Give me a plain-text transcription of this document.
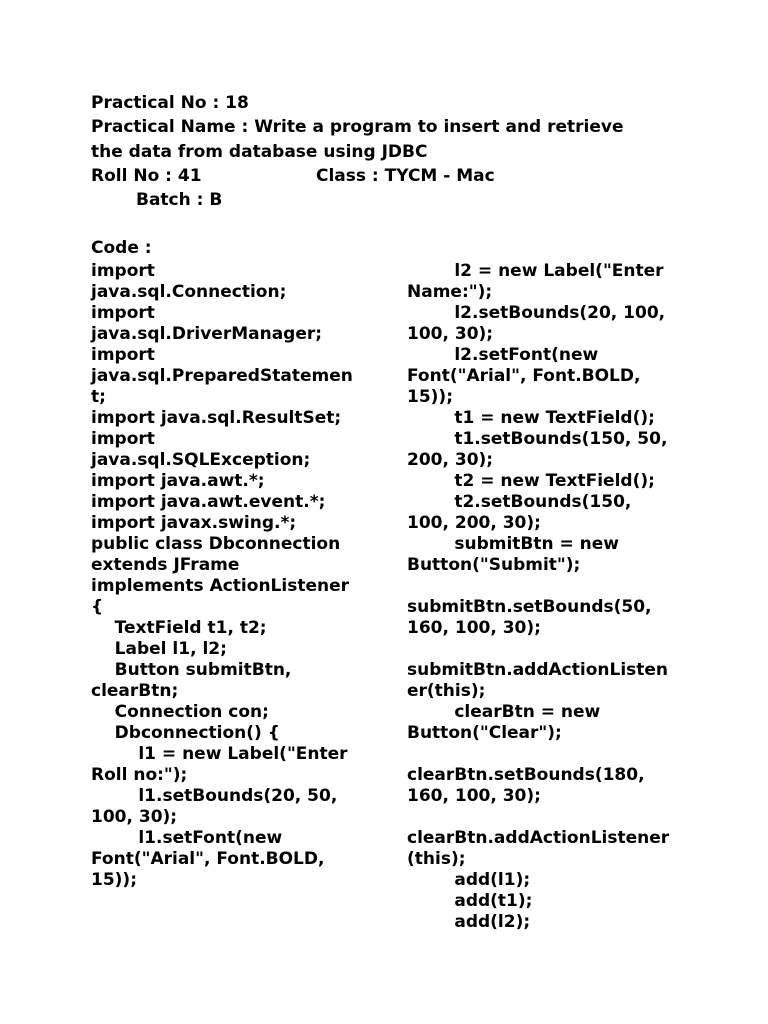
Practical No : 18
Practical Name : Write a program to insert and retrieve
the data from database using JDBC
Roll No : 41	Class : TYCM - Mac
Batch : B
Code :
import
java.sql.Connection;
import
java.sql.DriverManager;
import
java.sql.PreparedStatemen
t;
import java.sql.ResultSet;
import
java.sql.SQLException;
import java.awt.*;
import java.awt.event.*;
import javax.swing.*;
public class Dbconnection
extends JFrame
implements ActionListener
{
TextField t1, t2;
Label l1, l2;
Button submitBtn,
clearBtn;
Connection con;
Dbconnection() {
l1 = new Label("Enter
Roll no:");
l1.setBounds(20, 50,
100, 30);
l1.setFont(new
Font("Arial", Font.BOLD,
15));
l2 = new Label("Enter
Name:");
l2.setBounds(20, 100,
100, 30);
l2.setFont(new
Font("Arial", Font.BOLD,
15));
t1 = new TextField();
t1.setBounds(150, 50,
200, 30);
t2 = new TextField();
t2.setBounds(150,
100, 200, 30);
submitBtn = new
Button("Submit");
submitBtn.setBounds(50,
160, 100, 30);
submitBtn.addActionListen
er(this);
clearBtn = new
Button("Clear");
clearBtn.setBounds(180,
160, 100, 30);
clearBtn.addActionListener
(this);
add(l1);
add(t1);
add(l2);
